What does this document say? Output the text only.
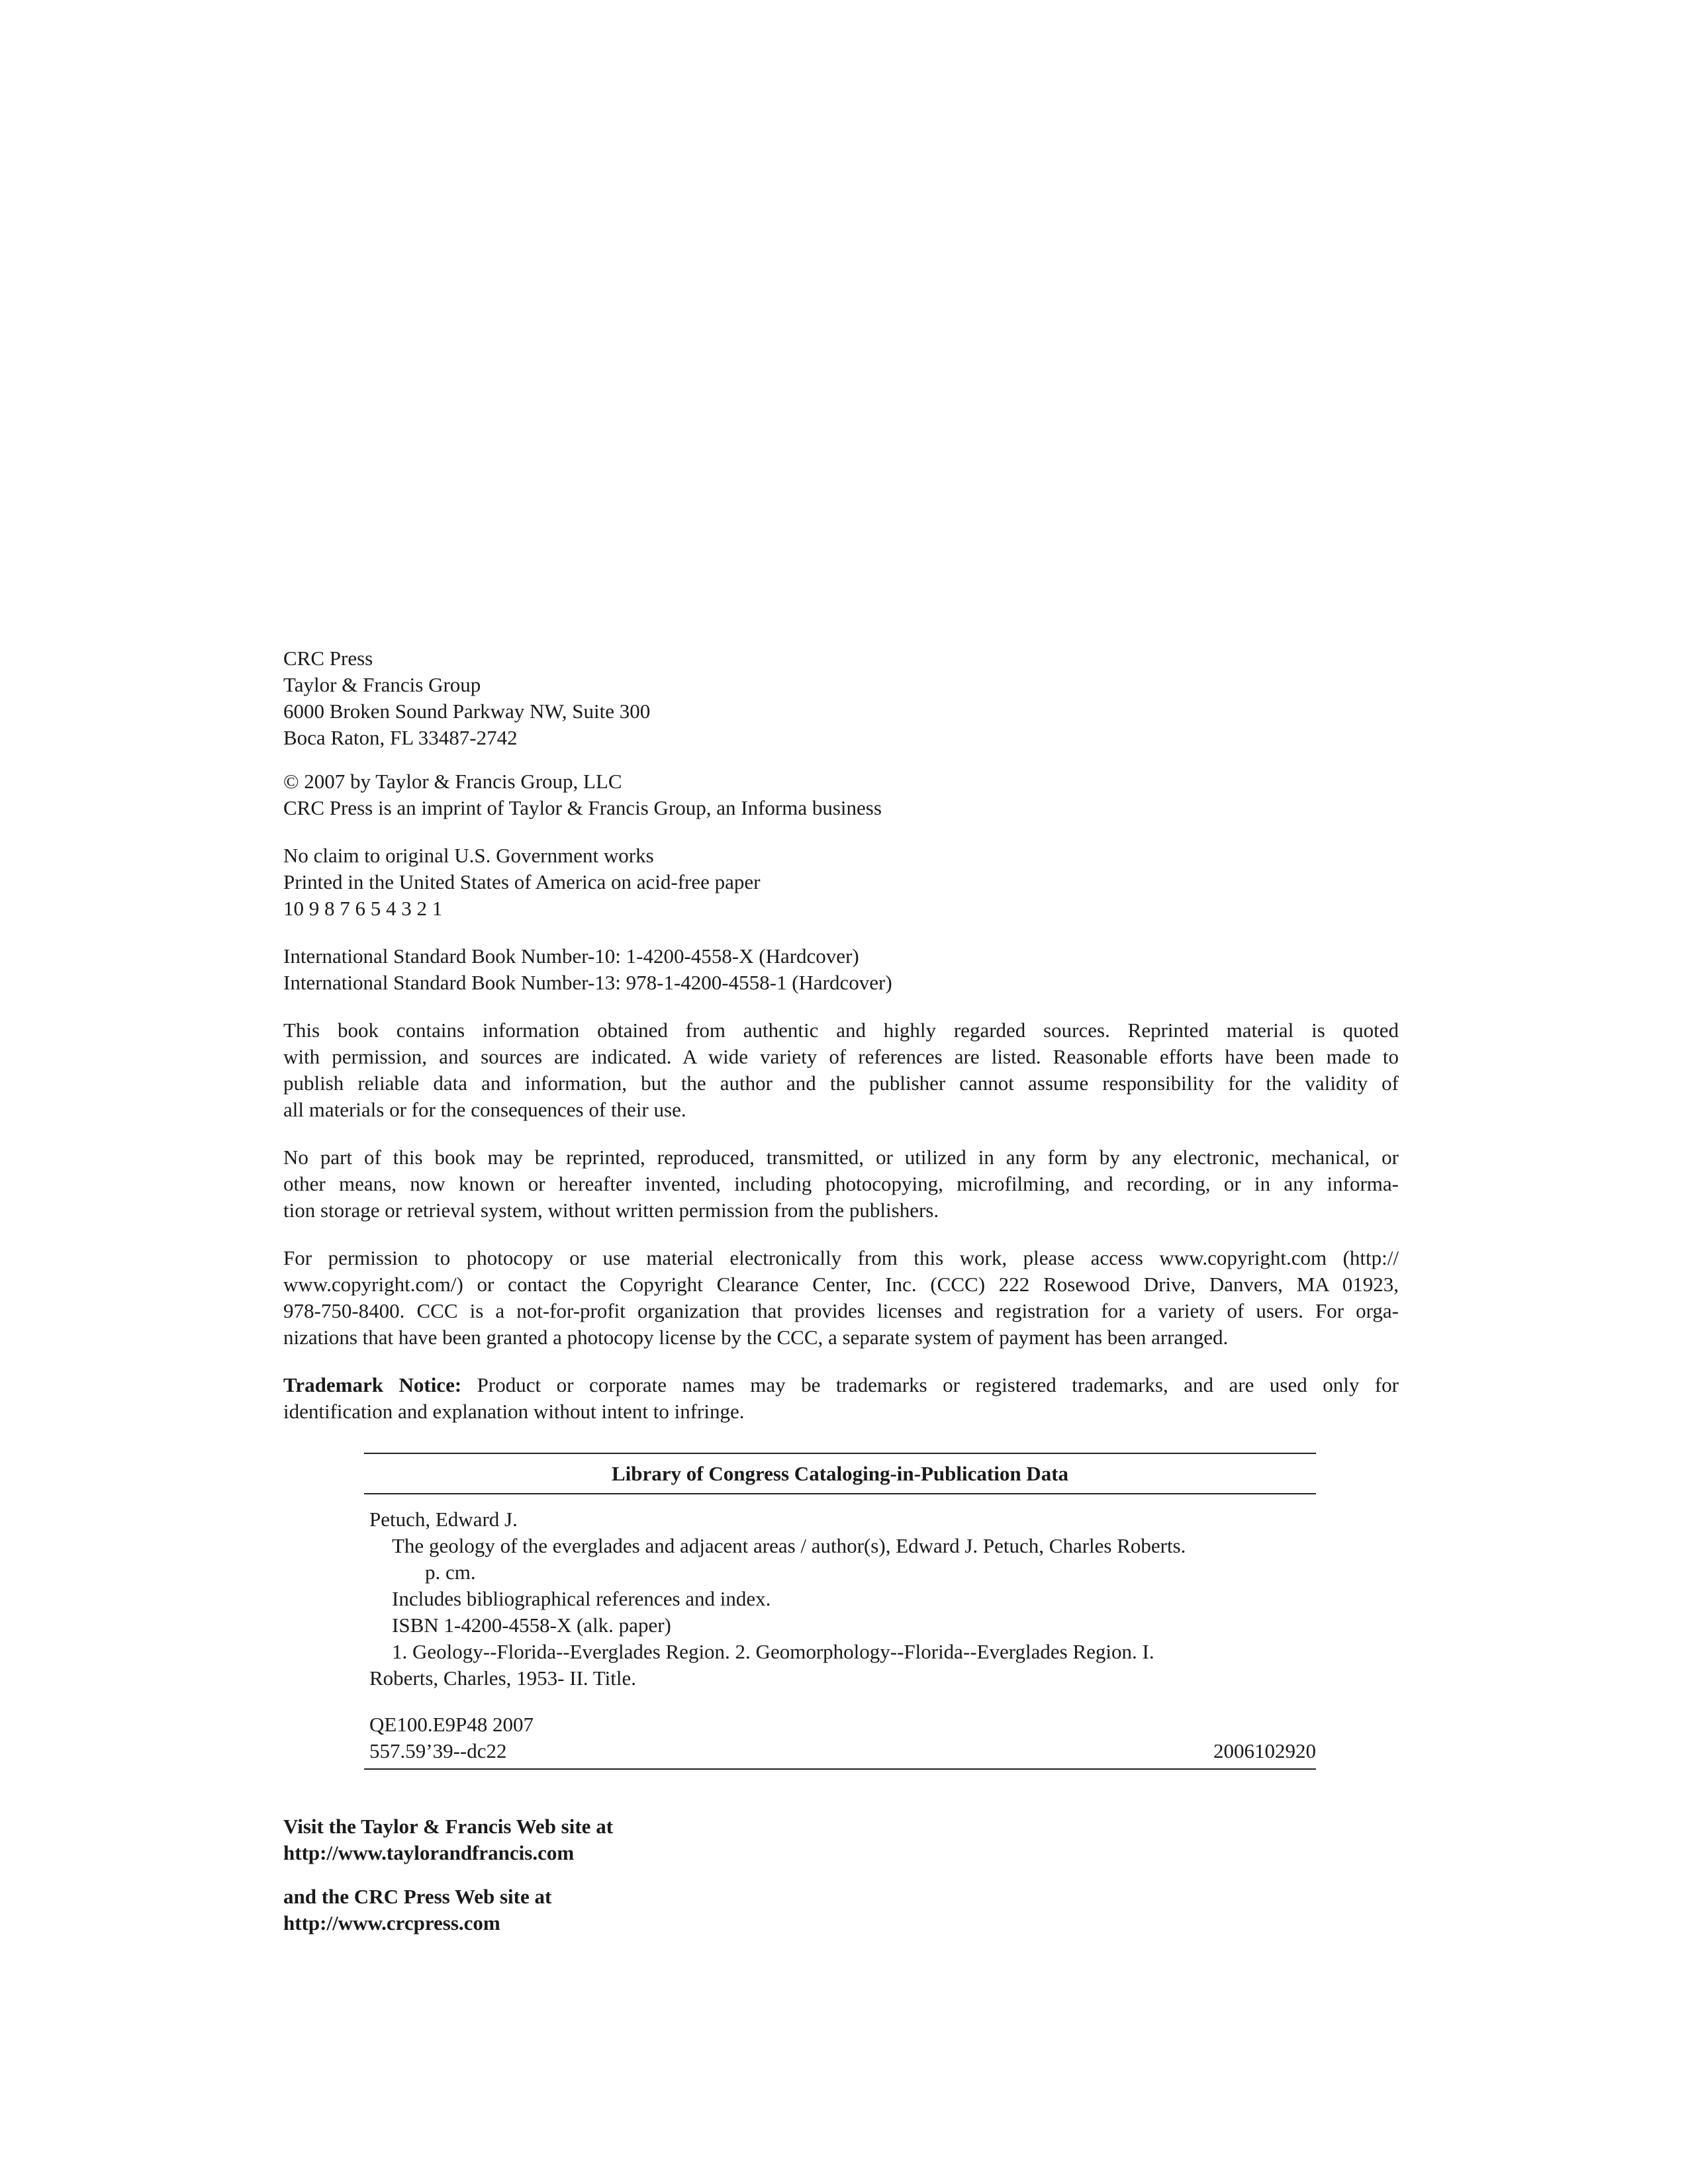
CRC Press
Taylor & Francis Group
6000 Broken Sound Parkway NW, Suite 300
Boca Raton, FL 33487-2742
© 2007 by Taylor & Francis Group, LLC
CRC Press is an imprint of Taylor & Francis Group, an Informa business
No claim to original U.S. Government works
Printed in the United States of America on acid-free paper
10 9 8 7 6 5 4 3 2 1
International Standard Book Number-10: 1-4200-4558-X (Hardcover)
International Standard Book Number-13: 978-1-4200-4558-1 (Hardcover)
This book contains information obtained from authentic and highly regarded sources. Reprinted material is quoted
with permission, and sources are indicated. A wide variety of references are listed. Reasonable efforts have been made to
publish reliable data and information, but the author and the publisher cannot assume responsibility for the validity of
all materials or for the consequences of their use.
No part of this book may be reprinted, reproduced, transmitted, or utilized in any form by any electronic, mechanical, or
other means, now known or hereafter invented, including photocopying, microfilming, and recording, or in any informa-
tion storage or retrieval system, without written permission from the publishers.
For permission to photocopy or use material electronically from this work, please access www.copyright.com (http://
www.copyright.com/) or contact the Copyright Clearance Center, Inc. (CCC) 222 Rosewood Drive, Danvers, MA 01923,
978-750-8400. CCC is a not-for-profit organization that provides licenses and registration for a variety of users. For orga-
nizations that have been granted a photocopy license by the CCC, a separate system of payment has been arranged.
Trademark Notice: Product or corporate names may be trademarks or registered trademarks, and are used only for
identification and explanation without intent to infringe.
Library of Congress Cataloging-in-Publication Data
Petuch, Edward J.
The geology of the everglades and adjacent areas / author(s), Edward J. Petuch, Charles Roberts.
p. cm.
Includes bibliographical references and index.
ISBN 1-4200-4558-X (alk. paper)
1. Geology--Florida--Everglades Region. 2. Geomorphology--Florida--Everglades Region. I.
Roberts, Charles, 1953- II. Title.
QE100.E9P48 2007
557.59’39--dc22	2006102920
Visit the Taylor & Francis Web site at
http://www.taylorandfrancis.com
and the CRC Press Web site at
http://www.crcpress.com
